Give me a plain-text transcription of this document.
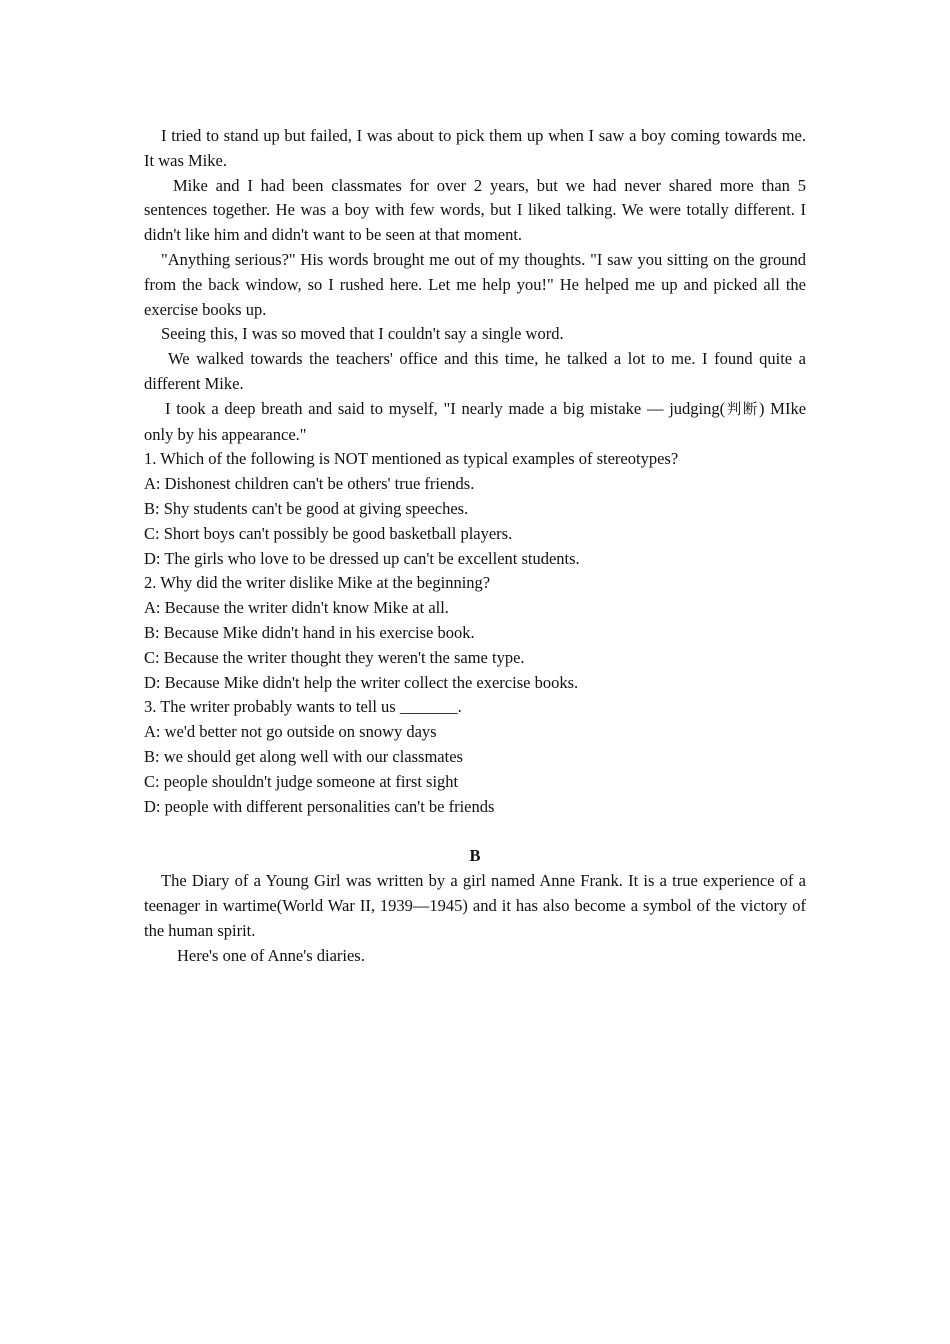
I tried to stand up but failed, I was about to pick them up when I saw a boy coming towards me. It was Mike.

Mike and I had been classmates for over 2 years, but we had never shared more than 5 sentences together. He was a boy with few words, but I liked talking. We were totally different. I didn't like him and didn't want to be seen at that moment.

"Anything serious?" His words brought me out of my thoughts. "I saw you sitting on the ground from the back window, so I rushed here. Let me help you!" He helped me up and picked all the exercise books up.

Seeing this, I was so moved that I couldn't say a single word.

We walked towards the teachers' office and this time, he talked a lot to me. I found quite a different Mike.

I took a deep breath and said to myself, "I nearly made a big mistake — judging(判断) MIke only by his appearance."

1. Which of the following is NOT mentioned as typical examples of stereotypes?

A: Dishonest children can't be others' true friends.

B: Shy students can't be good at giving speeches.

C: Short boys can't possibly be good basketball players.

D: The girls who love to be dressed up can't be excellent students.

2. Why did the writer dislike Mike at the beginning?

A: Because the writer didn't know Mike at all.

B: Because Mike didn't hand in his exercise book.

C: Because the writer thought they weren't the same type.

D: Because Mike didn't help the writer collect the exercise books.

3. The writer probably wants to tell us _______.

A: we'd better not go outside on snowy days

B: we should get along well with our classmates

C: people shouldn't judge someone at first sight

D: people with different personalities can't be friends

B

The Diary of a Young Girl was written by a girl named Anne Frank. It is a true experience of a teenager in wartime(World War II, 1939—1945) and it has also become a symbol of the victory of the human spirit.

Here's one of Anne's diaries.
